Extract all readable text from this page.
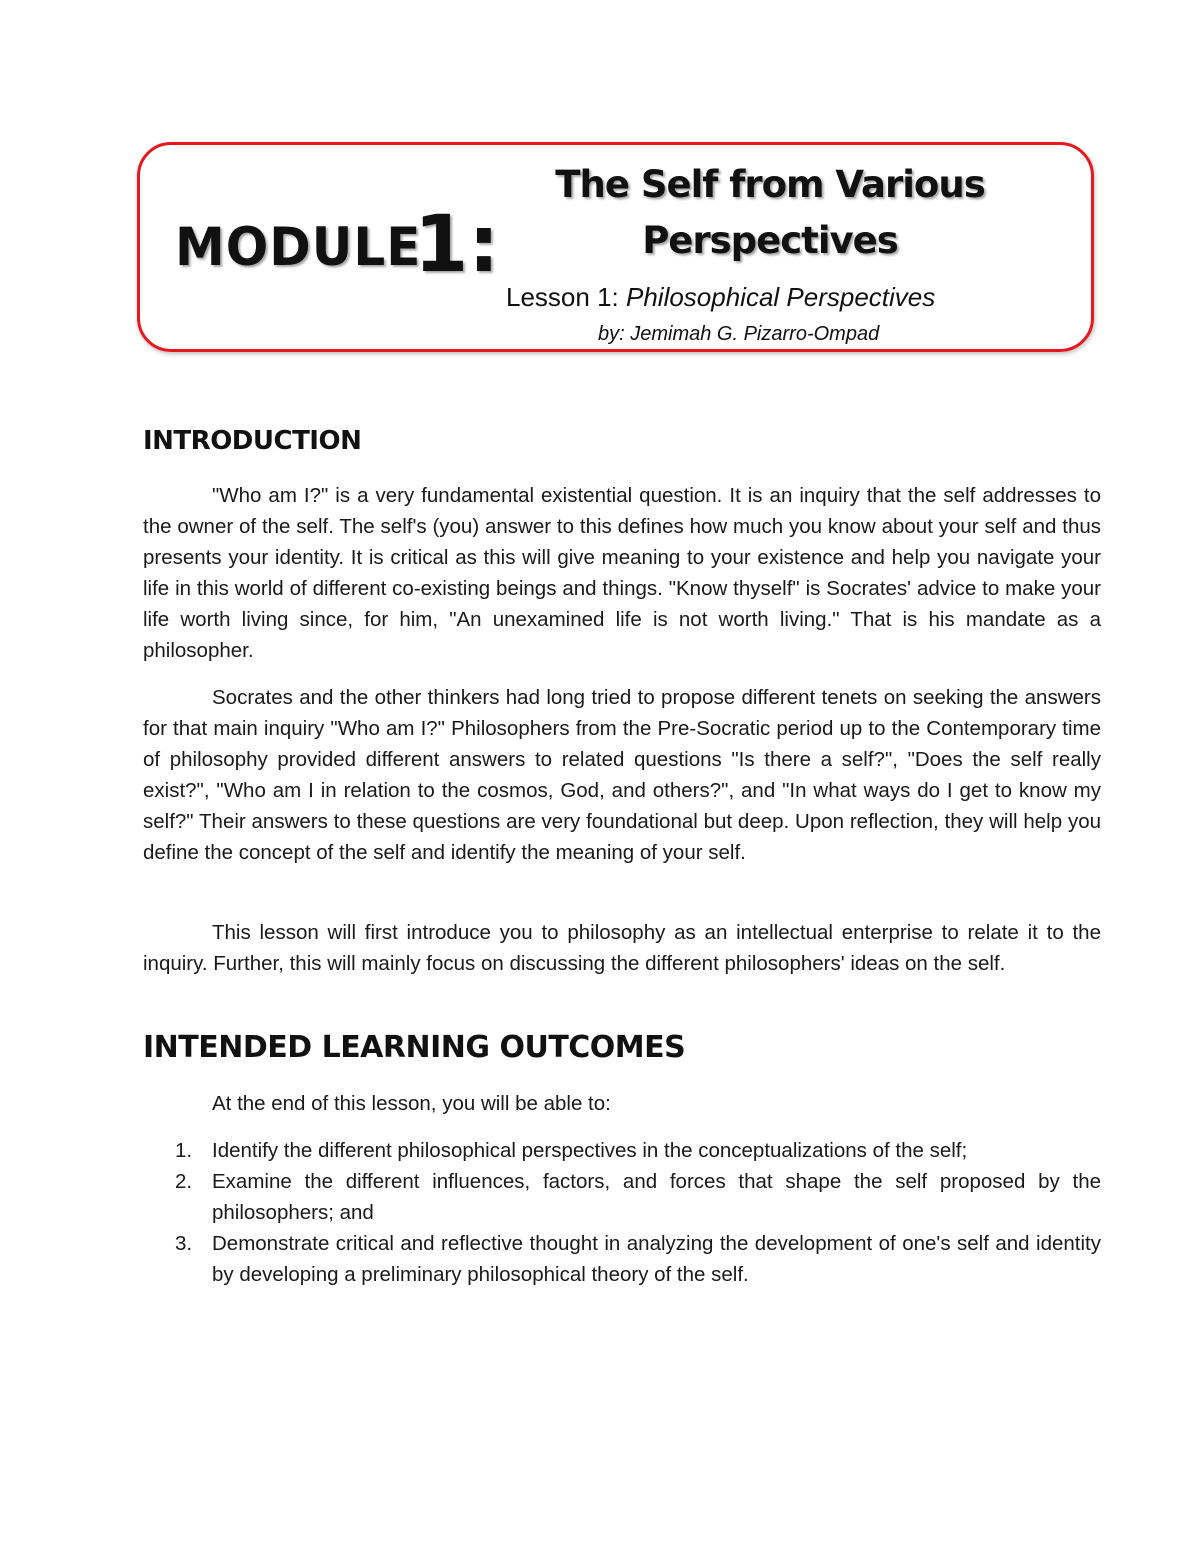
MODULE
1:

The Self from Various

Perspectives

Lesson 1: Philosophical Perspectives
by: Jemimah G. Pizarro-Ompad
INTRODUCTION

"Who am I?" is a very fundamental existential question. It is an inquiry that the self addresses to the owner of the self. The self's (you) answer to this defines how much you know about your self and thus presents your identity. It is critical as this will give meaning to your existence and help you navigate your life in this world of different co-existing beings and things. "Know thyself" is Socrates' advice to make your life worth living since, for him, "An unexamined life is not worth living." That is his mandate as a philosopher.

Socrates and the other thinkers had long tried to propose different tenets on seeking the answers for that main inquiry "Who am I?" Philosophers from the Pre-Socratic period up to the Contemporary time of philosophy provided different answers to related questions "Is there a self?", "Does the self really exist?", "Who am I in relation to the cosmos, God, and others?", and "In what ways do I get to know my self?" Their answers to these questions are very foundational but deep. Upon reflection, they will help you define the concept of the self and identify the meaning of your self.

This lesson will first introduce you to philosophy as an intellectual enterprise to relate it to the inquiry. Further, this will mainly focus on discussing the different philosophers' ideas on the self.

INTENDED LEARNING OUTCOMES

At the end of this lesson, you will be able to:

1. Identify the different philosophical perspectives in the conceptualizations of the self;
2. Examine the different influences, factors, and forces that shape the self proposed by the philosophers; and
3. Demonstrate critical and reflective thought in analyzing the development of one's self and identity by developing a preliminary philosophical theory of the self.
